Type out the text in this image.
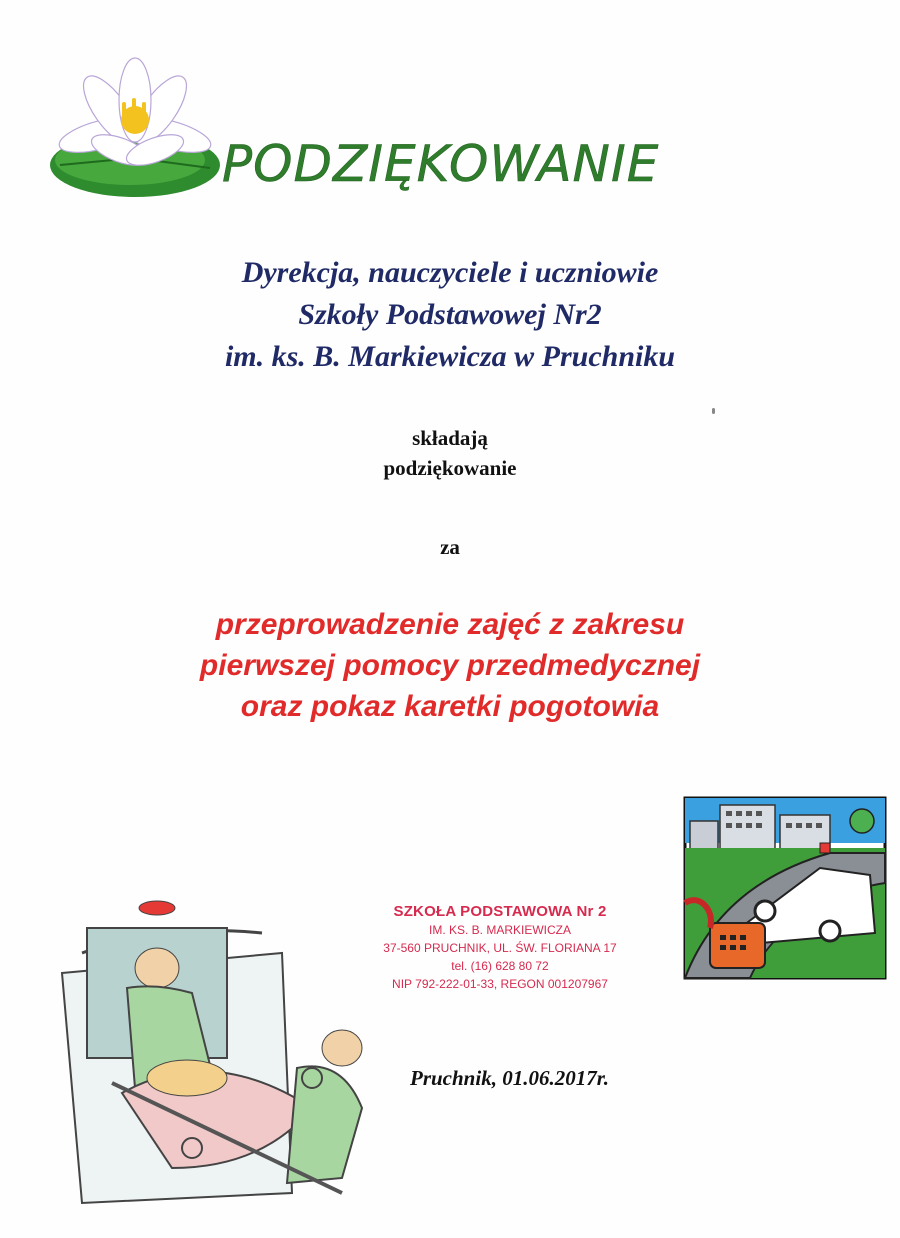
PODZIĘKOWANIE
Dyrekcja, nauczyciele i uczniowie
Szkoły Podstawowej Nr2
im. ks. B. Markiewicza w Pruchniku
składają
podziękowanie
za
przeprowadzenie zajęć z zakresu
pierwszej pomocy przedmedycznej
oraz pokaz karetki pogotowia
SZKOŁA PODSTAWOWA Nr 2
IM. KS. B. MARKIEWICZA
37-560 PRUCHNIK, UL. ŚW. FLORIANA 17
tel. (16) 628 80 72
NIP 792-222-01-33, REGON 001207967
Pruchnik, 01.06.2017r.
